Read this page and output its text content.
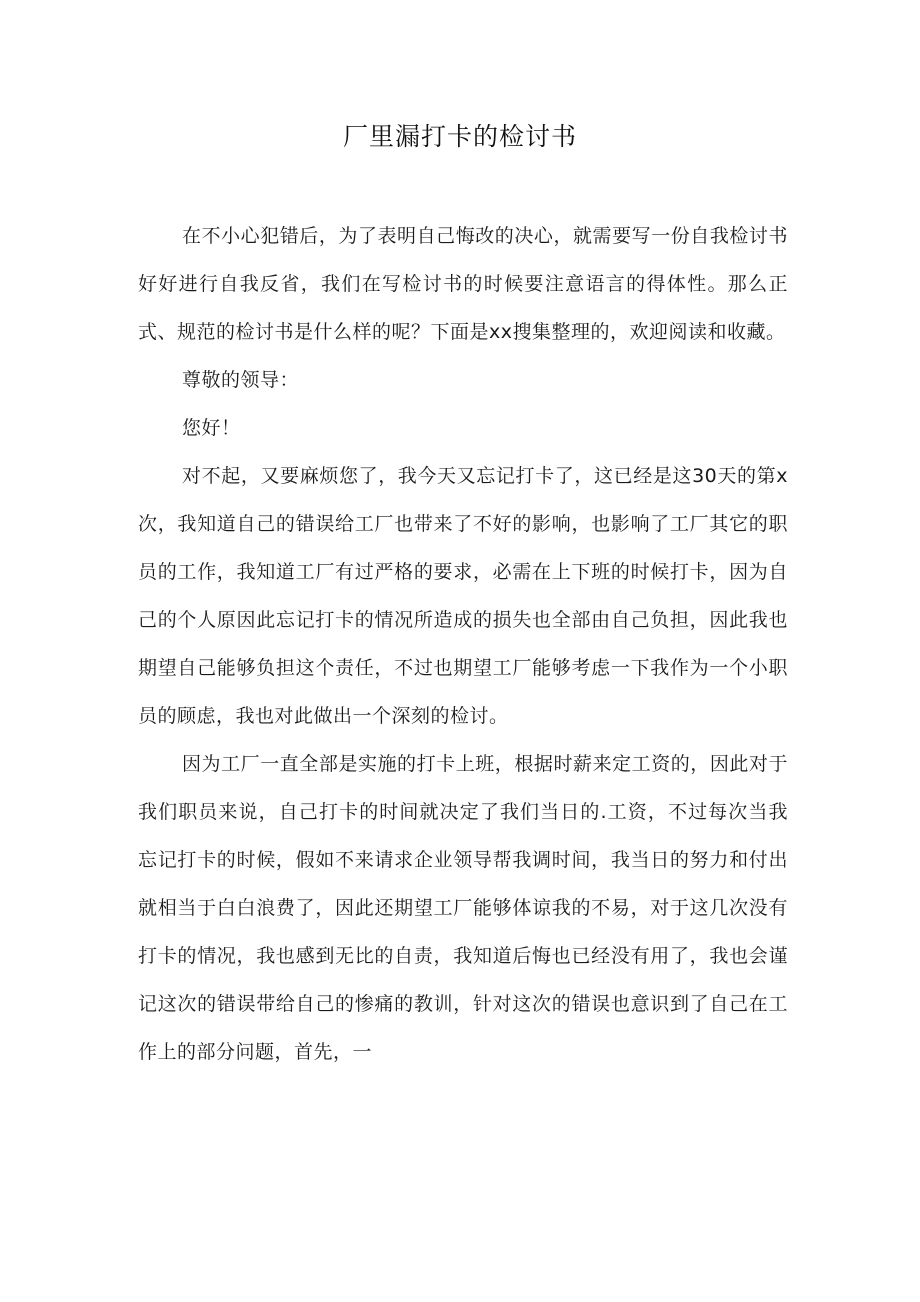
厂里漏打卡的检讨书

在不小心犯错后，为了表明自己悔改的决心，就需要写一份自我检讨书好好进行自我反省，我们在写检讨书的时候要注意语言的得体性。那么正式、规范的检讨书是什么样的呢？下面是xx搜集整理的，欢迎阅读和收藏。

尊敬的领导：

您好！

对不起，又要麻烦您了，我今天又忘记打卡了，这已经是这30天的第x次，我知道自己的错误给工厂也带来了不好的影响，也影响了工厂其它的职员的工作，我知道工厂有过严格的要求，必需在上下班的时候打卡，因为自己的个人原因此忘记打卡的情况所造成的损失也全部由自己负担，因此我也期望自己能够负担这个责任，不过也期望工厂能够考虑一下我作为一个小职员的顾虑，我也对此做出一个深刻的检讨。

因为工厂一直全部是实施的打卡上班，根据时薪来定工资的，因此对于我们职员来说，自己打卡的时间就决定了我们当日的.工资，不过每次当我忘记打卡的时候，假如不来请求企业领导帮我调时间，我当日的努力和付出就相当于白白浪费了，因此还期望工厂能够体谅我的不易，对于这几次没有打卡的情况，我也感到无比的自责，我知道后悔也已经没有用了，我也会谨记这次的错误带给自己的惨痛的教训，针对这次的错误也意识到了自己在工作上的部分问题，首先，一
